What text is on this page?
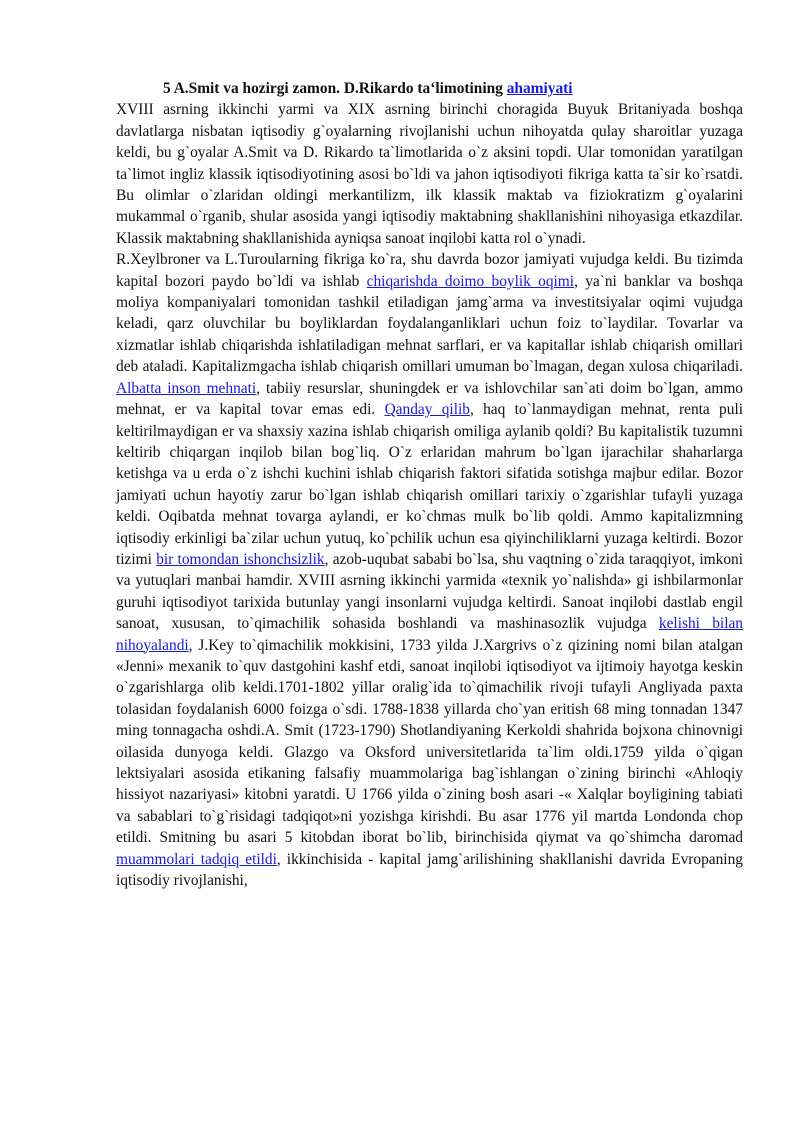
5 A.Smit va hozirgi zamon. D.Rikardo ta‘limotining ahamiyati

XVIII asrning ikkinchi yarmi va XIX asrning birinchi choragida Buyuk Britaniyada boshqa davlatlarga nisbatan iqtisodiy g`oyalarning rivojlanishi uchun nihoyatda qulay sharoitlar yuzaga keldi, bu g`oyalar A.Smit va D. Rikardo ta`limotlarida o`z aksini topdi. Ular tomonidan yaratilgan ta`limot ingliz klassik iqtisodiyotining asosi bo`ldi va jahon iqtisodiyoti fikriga katta ta`sir ko`rsatdi. Bu olimlar o`zlaridan oldingi merkantilizm, ilk klassik maktab va fiziokratizm g`oyalarini mukammal o`rganib, shular asosida yangi iqtisodiy maktabning shakllanishini nihoyasiga etkazdilar. Klassik maktabning shakllanishida ayniqsa sanoat inqilobi katta rol o`ynadi.

R.Xeylbroner va L.Turoularning fikriga ko`ra, shu davrda bozor jamiyati vujudga keldi. Bu tizimda kapital bozori paydo bo`ldi va ishlab chiqarishda doimo boylik oqimi, ya`ni banklar va boshqa moliya kompaniyalari tomonidan tashkil etiladigan jamg`arma va investitsiyalar oqimi vujudga keladi, qarz oluvchilar bu boyliklardan foydalanganliklari uchun foiz to`laydilar. Tovarlar va xizmatlar ishlab chiqarishda ishlatiladigan mehnat sarflari, er va kapitallar ishlab chiqarish omillari deb ataladi. Kapitalizmgacha ishlab chiqarish omillari umuman bo`lmagan, degan xulosa chiqariladi. Albatta inson mehnati, tabiiy resurslar, shuningdek er va ishlovchilar san`ati doim bo`lgan, ammo mehnat, er va kapital tovar emas edi. Qanday qilib, haq to`lanmaydigan mehnat, renta puli keltirilmaydigan er va shaxsiy xazina ishlab chiqarish omiliga aylanib qoldi? Bu kapitalistik tuzumni keltirib chiqargan inqilob bilan bog`liq. O`z erlaridan mahrum bo`lgan ijarachilar shaharlarga ketishga va u erda o`z ishchi kuchini ishlab chiqarish faktori sifatida sotishga majbur edilar. Bozor jamiyati uchun hayotiy zarur bo`lgan ishlab chiqarish omillari tarixiy o`zgarishlar tufayli yuzaga keldi. Oqibatda mehnat tovarga aylandi, er ko`chmas mulk bo`lib qoldi. Ammo kapitalizmning iqtisodiy erkinligi ba`zilar uchun yutuq, ko`pchilik uchun esa qiyinchiliklarni yuzaga keltirdi. Bozor tizimi bir tomondan ishonchsizlik, azob-uqubat sababi bo`lsa, shu vaqtning o`zida taraqqiyot, imkoni va yutuqlari manbai hamdir. XVIII asrning ikkinchi yarmida «texnik yo`nalishda» gi ishbilarmonlar guruhi iqtisodiyot tarixida butunlay yangi insonlarni vujudga keltirdi. Sanoat inqilobi dastlab engil sanoat, xususan, to`qimachilik sohasida boshlandi va mashinasozlik vujudga kelishi bilan nihoyalandi, J.Key to`qimachilik mokkisini, 1733 yilda J.Xargrivs o`z qizining nomi bilan atalgan «Jenni» mexanik to`quv dastgohini kashf etdi, sanoat inqilobi iqtisodiyot va ijtimoiy hayotga keskin o`zgarishlarga olib keldi.1701-1802 yillar oralig`ida to`qimachilik rivoji tufayli Angliyada paxta tolasidan foydalanish 6000 foizga o`sdi. 1788-1838 yillarda cho`yan eritish 68 ming tonnadan 1347 ming tonnagacha oshdi.A. Smit (1723-1790) Shotlandiyaning Kerkoldi shahrida bojxona chinovnigi oilasida dunyoga keldi. Glazgo va Oksford universitetlarida ta`lim oldi.1759 yilda o`qigan lektsiyalari asosida etikaning falsafiy muammolariga bag`ishlangan o`zining birinchi «Ahloqiy hissiyot nazariyasi» kitobni yaratdi. U 1766 yilda o`zining bosh asari -« Xalqlar boyligining tabiati va sabablari to`g`risidagi tadqiqot»ni yozishga kirishdi. Bu asar 1776 yil martda Londonda chop etildi. Smitning bu asari 5 kitobdan iborat bo`lib, birinchisida qiymat va qo`shimcha daromad muammolari tadqiq etildi, ikkinchisida - kapital jamg`arilishining shakllanishi davrida Evropaning iqtisodiy rivojlanishi,
